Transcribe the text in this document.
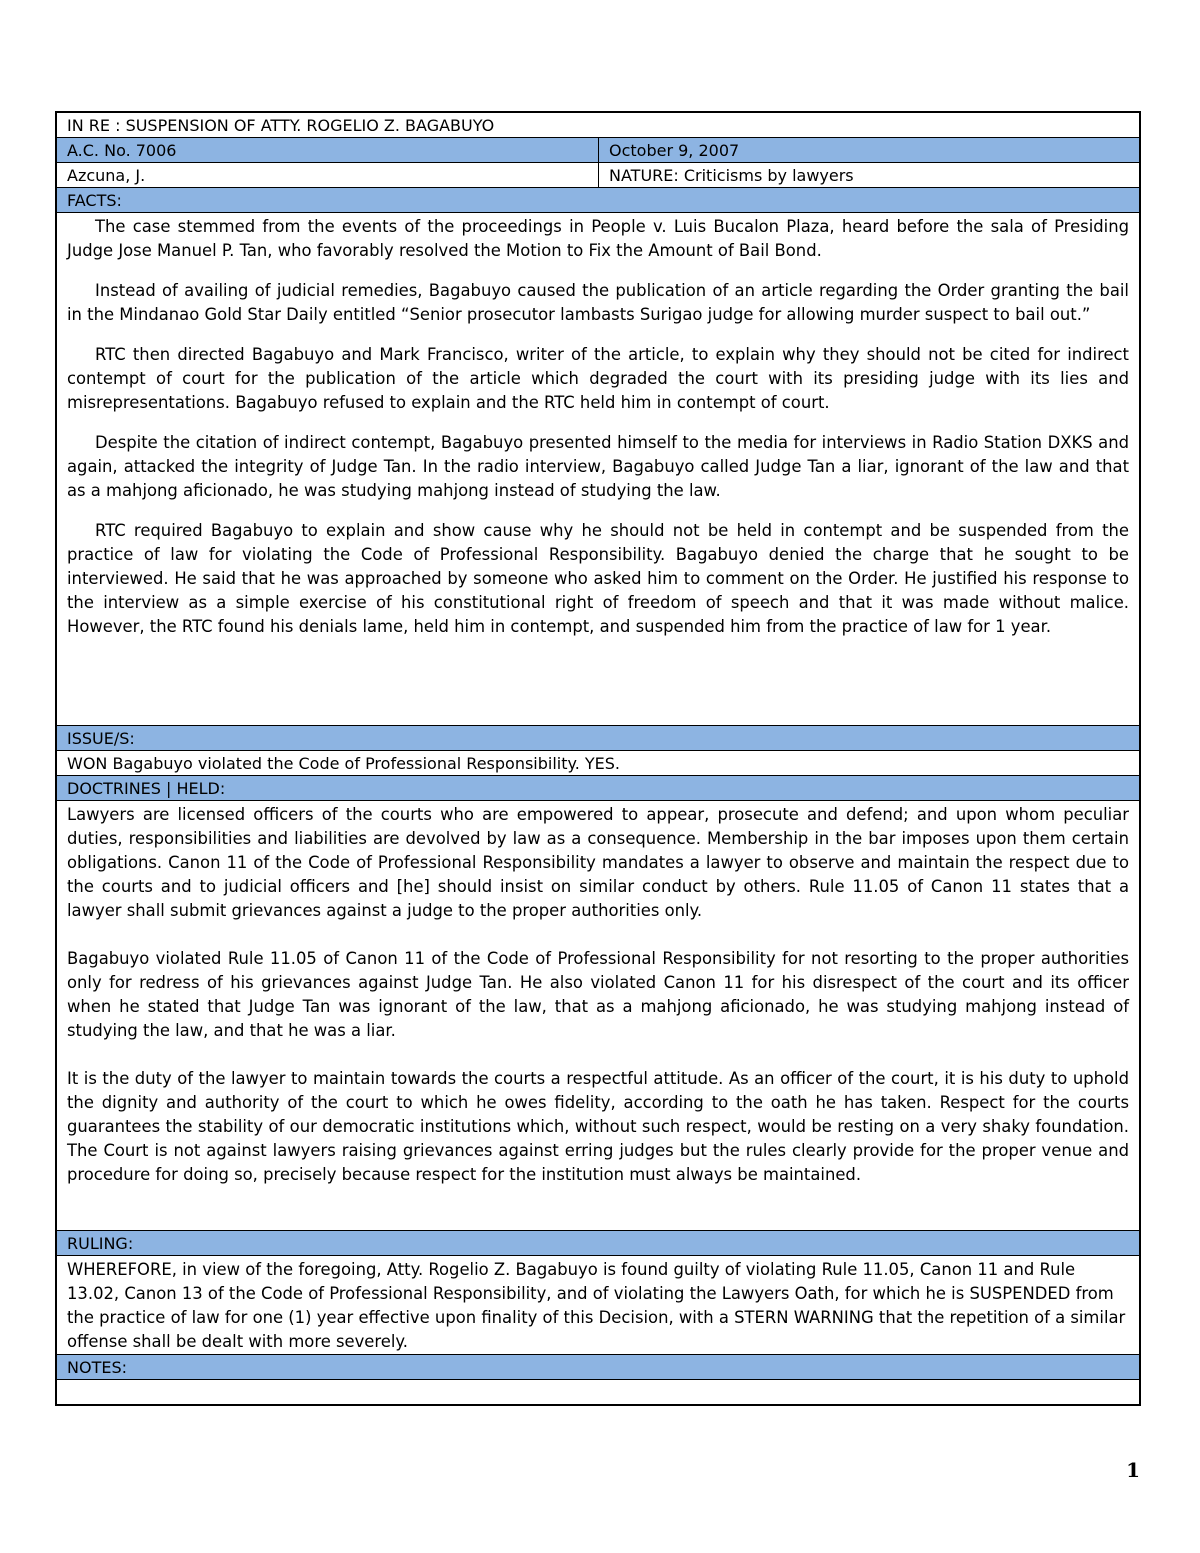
IN RE : SUSPENSION OF ATTY. ROGELIO Z. BAGABUYO
A.C. No. 7006	October 9, 2007
Azcuna, J.	NATURE: Criticisms by lawyers
FACTS:

The case stemmed from the events of the proceedings in People v. Luis Bucalon Plaza, heard before the sala of Presiding Judge Jose Manuel P. Tan, who favorably resolved the Motion to Fix the Amount of Bail Bond.

Instead of availing of judicial remedies, Bagabuyo caused the publication of an article regarding the Order granting the bail in the Mindanao Gold Star Daily entitled “Senior prosecutor lambasts Surigao judge for allowing murder suspect to bail out.”

RTC then directed Bagabuyo and Mark Francisco, writer of the article, to explain why they should not be cited for indirect contempt of court for the publication of the article which degraded the court with its presiding judge with its lies and misrepresentations. Bagabuyo refused to explain and the RTC held him in contempt of court.

Despite the citation of indirect contempt, Bagabuyo presented himself to the media for interviews in Radio Station DXKS and again, attacked the integrity of Judge Tan. In the radio interview, Bagabuyo called Judge Tan a liar, ignorant of the law and that as a mahjong aficionado, he was studying mahjong instead of studying the law.

RTC required Bagabuyo to explain and show cause why he should not be held in contempt and be suspended from the practice of law for violating the Code of Professional Responsibility. Bagabuyo denied the charge that he sought to be interviewed. He said that he was approached by someone who asked him to comment on the Order. He justified his response to the interview as a simple exercise of his constitutional right of freedom of speech and that it was made without malice. However, the RTC found his denials lame, held him in contempt, and suspended him from the practice of law for 1 year.

ISSUE/S:
WON Bagabuyo violated the Code of Professional Responsibility. YES.
DOCTRINES | HELD:

Lawyers are licensed officers of the courts who are empowered to appear, prosecute and defend; and upon whom peculiar duties, responsibilities and liabilities are devolved by law as a consequence. Membership in the bar imposes upon them certain obligations. Canon 11 of the Code of Professional Responsibility mandates a lawyer to observe and maintain the respect due to the courts and to judicial officers and [he] should insist on similar conduct by others. Rule 11.05 of Canon 11 states that a lawyer shall submit grievances against a judge to the proper authorities only.

Bagabuyo violated Rule 11.05 of Canon 11 of the Code of Professional Responsibility for not resorting to the proper authorities only for redress of his grievances against Judge Tan. He also violated Canon 11 for his disrespect of the court and its officer when he stated that Judge Tan was ignorant of the law, that as a mahjong aficionado, he was studying mahjong instead of studying the law, and that he was a liar.

It is the duty of the lawyer to maintain towards the courts a respectful attitude. As an officer of the court, it is his duty to uphold the dignity and authority of the court to which he owes fidelity, according to the oath he has taken. Respect for the courts guarantees the stability of our democratic institutions which, without such respect, would be resting on a very shaky foundation. The Court is not against lawyers raising grievances against erring judges but the rules clearly provide for the proper venue and procedure for doing so, precisely because respect for the institution must always be maintained.

RULING:
WHEREFORE, in view of the foregoing, Atty. Rogelio Z. Bagabuyo is found guilty of violating Rule 11.05, Canon 11 and Rule 13.02, Canon 13 of the Code of Professional Responsibility, and of violating the Lawyers Oath, for which he is SUSPENDED from the practice of law for one (1) year effective upon finality of this Decision, with a STERN WARNING that the repetition of a similar offense shall be dealt with more severely.
NOTES:
1
